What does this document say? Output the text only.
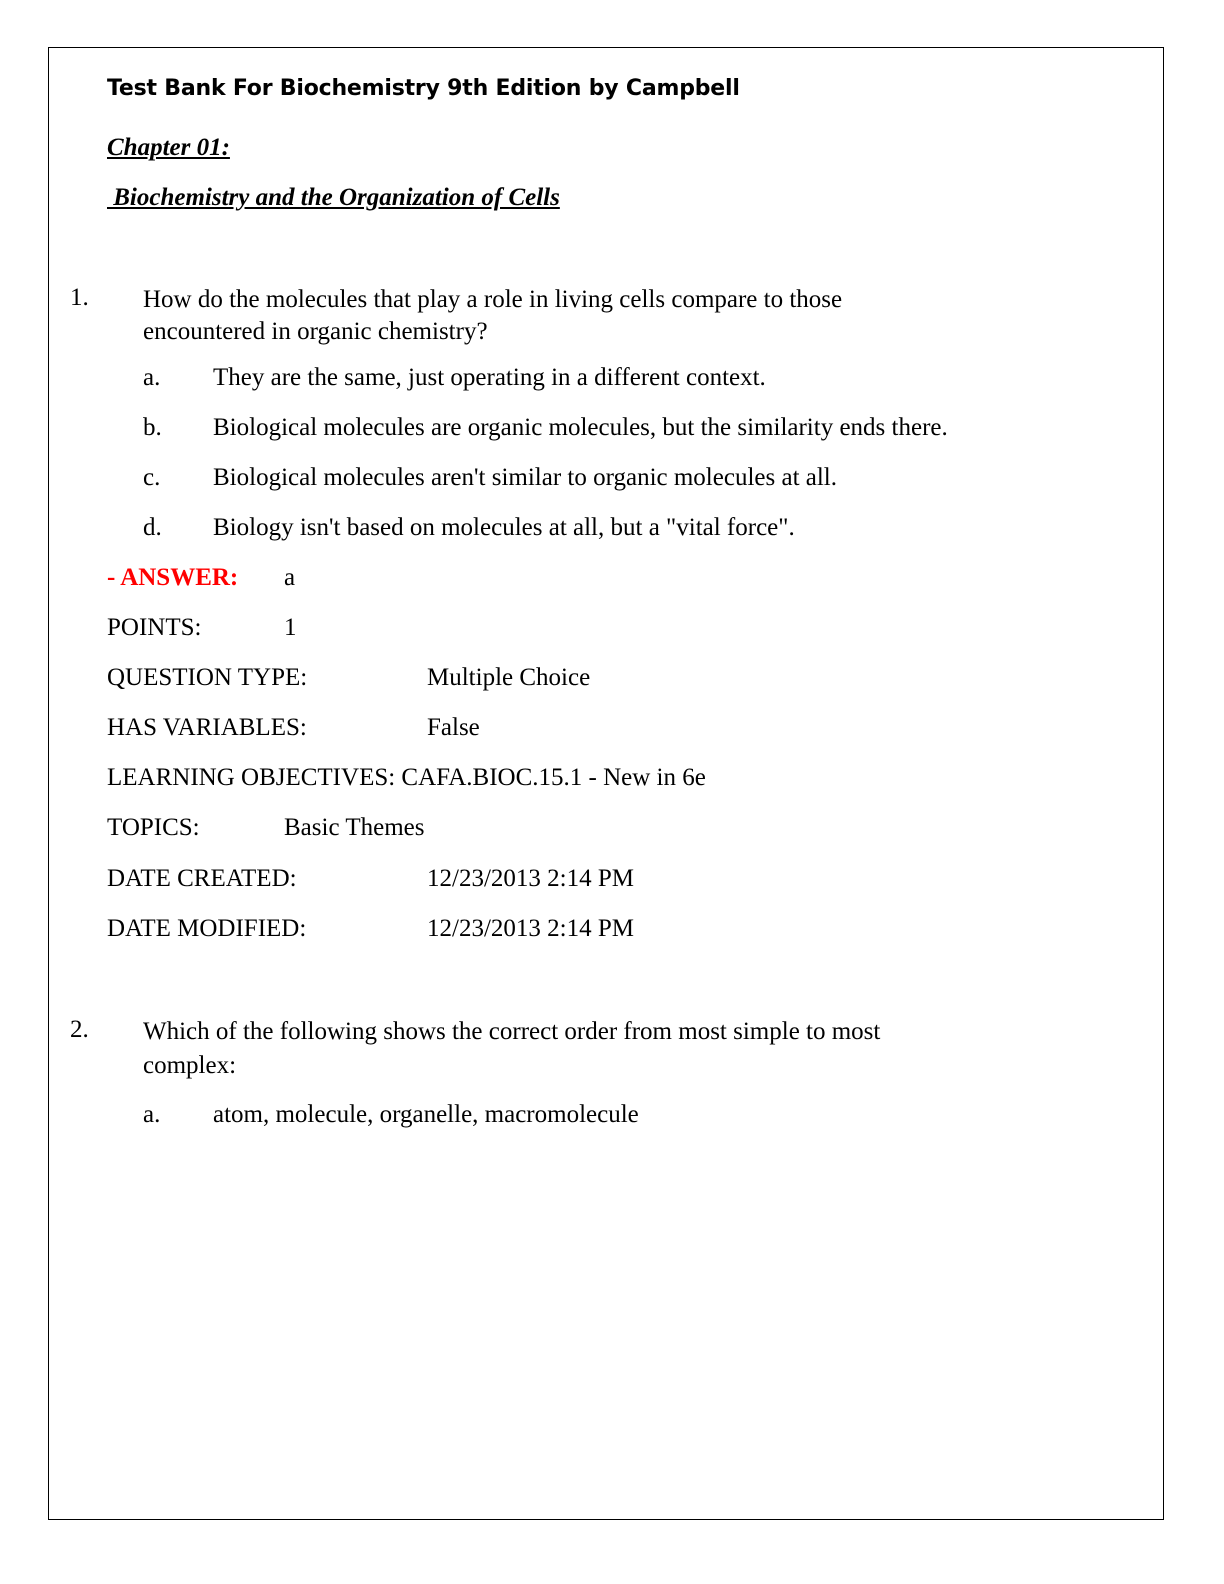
Test Bank For Biochemistry 9th Edition by Campbell
Chapter 01:
Biochemistry and the Organization of Cells
1. How do the molecules that play a role in living cells compare to those
encountered in organic chemistry?
a. They are the same, just operating in a different context.
b. Biological molecules are organic molecules, but the similarity ends there.
c. Biological molecules aren't similar to organic molecules at all.
d. Biology isn't based on molecules at all, but a "vital force".
- ANSWER: a
POINTS:	1
QUESTION TYPE:	Multiple Choice
HAS VARIABLES:	False
LEARNING OBJECTIVES: CAFA.BIOC.15.1 - New in 6e
TOPICS:	Basic Themes
DATE CREATED:	12/23/2013 2:14 PM
DATE MODIFIED:	12/23/2013 2:14 PM
2. Which of the following shows the correct order from most simple to most
complex:
a. atom, molecule, organelle, macromolecule
